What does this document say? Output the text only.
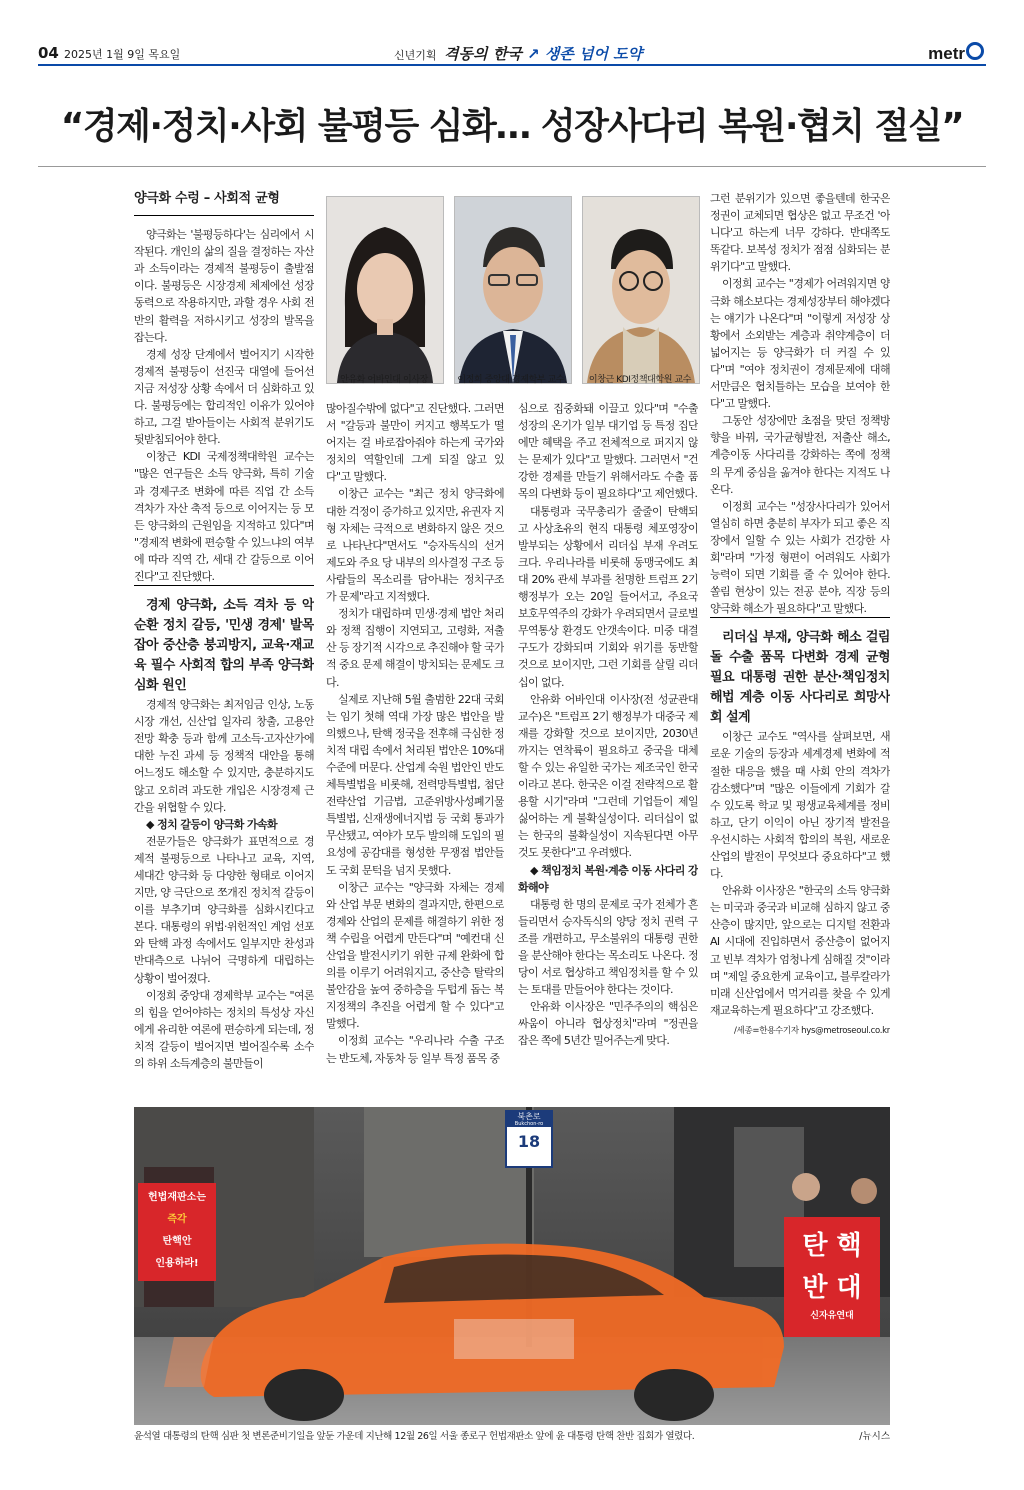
04 2025년 1월 9일 목요일	신년기획 격동의 한국 ↗ 생존 넘어 도약	metr
“경제·정치·사회 불평등 심화… 성장사다리 복원·협치 절실”
양극화 수렁 – 사회적 균형

양극화는 '불평등하다'는 심리에서 시작된다. 개인의 삶의 질을 결정하는 자산과 소득이라는 경제적 불평등이 출발점이다. 불평등은 시장경제 체제에선 성장 동력으로 작용하지만, 과할 경우 사회 전반의 활력을 저하시키고 성장의 발목을 잡는다.

경제 성장 단계에서 벌어지기 시작한 경제적 불평등이 선진국 대열에 들어선 지금 저성장 상황 속에서 더 심화하고 있다. 불평등에는 합리적인 이유가 있어야 하고, 그걸 받아들이는 사회적 분위기도 뒷받침되어야 한다.

이창근 KDI 국제정책대학원 교수는 "많은 연구들은 소득 양극화, 특히 기술과 경제구조 변화에 따른 직업 간 소득 격차가 자산 축적 등으로 이어지는 등 모든 양극화의 근원임을 지적하고 있다"며 "경제적 변화에 편승할 수 있느냐의 여부에 따라 직역 간, 세대 간 갈등으로 이어진다"고 진단했다.

경제 양극화, 소득 격차 등 악순환 정치 갈등, '민생 경제' 발목 잡아 중산층 붕괴방지, 교육·재교육 필수 사회적 합의 부족 양극화 심화 원인

경제적 양극화는 최저임금 인상, 노동시장 개선, 신산업 일자리 창출, 고용안전망 확충 등과 함께 고소득·고자산가에 대한 누진 과세 등 정책적 대안을 통해 어느정도 해소할 수 있지만, 충분하지도 않고 오히려 과도한 개입은 시장경제 근간을 위협할 수 있다.

◆ 정치 갈등이 양극화 가속화

전문가들은 양극화가 표면적으로 경제적 불평등으로 나타나고 교육, 지역, 세대간 양극화 등 다양한 형태로 이어지지만, 양 극단으로 쪼개진 정치적 갈등이 이를 부추기며 양극화를 심화시킨다고 본다. 대통령의 위법·위헌적인 계엄 선포와 탄핵 과정 속에서도 일부지만 찬성과 반대측으로 나뉘어 극명하게 대립하는 상황이 벌어졌다.

이정희 중앙대 경제학부 교수는 "여론의 힘을 얻어야하는 정치의 특성상 자신에게 유리한 여론에 편승하게 되는데, 정치적 갈등이 벌어지면 벌어질수록 소수의 하위 소득계층의 불만들이

안유화 어바인대 이사장	이정희 중앙대 경제학부 교수.	이창근 KDI정책대학원 교수

많아질수밖에 없다"고 진단했다. 그러면서 "갈등과 불만이 커지고 행복도가 떨어지는 걸 바로잡아줘야 하는게 국가와 정치의 역할인데 그게 되질 않고 있다"고 말했다.

이창근 교수는 "최근 정치 양극화에 대한 걱정이 증가하고 있지만, 유권자 지형 자체는 극적으로 변화하지 않은 것으로 나타난다"면서도 "승자독식의 선거제도와 주요 당 내부의 의사결정 구조 등 사람들의 목소리를 담아내는 정치구조가 문제"라고 지적했다.

정치가 대립하며 민생·경제 법안 처리와 정책 집행이 지연되고, 고령화, 저출산 등 장기적 시각으로 추진해야 할 국가적 중요 문제 해결이 방치되는 문제도 크다.

실제로 지난해 5월 출범한 22대 국회는 임기 첫해 역대 가장 많은 법안을 발의했으나, 탄핵 정국을 전후해 극심한 정치적 대립 속에서 처리된 법안은 10%대 수준에 머문다. 산업계 숙원 법안인 반도체특별법을 비롯해, 전력망특별법, 첨단전략산업 기금법, 고준위방사성폐기물특별법, 신재생에너지법 등 국회 통과가 무산됐고, 여야가 모두 발의해 도입의 필요성에 공감대를 형성한 무쟁점 법안들도 국회 문턱을 넘지 못했다.

이창근 교수는 "양극화 자체는 경제와 산업 부문 변화의 결과지만, 한편으로 경제와 산업의 문제를 해결하기 위한 정책 수립을 어렵게 만든다"며 "예컨대 신산업을 발전시키기 위한 규제 완화에 합의를 이루기 어려워지고, 중산층 탈락의 불안감을 높여 중하층을 두텁게 돕는 복지정책의 추진을 어렵게 할 수 있다"고 말했다.

이정희 교수는 "우리나라 수출 구조는 반도체, 자동차 등 일부 특정 품목 중

심으로 집중화돼 이끌고 있다"며 "수출 성장의 온기가 일부 대기업 등 특정 집단에만 혜택을 주고 전체적으로 퍼지지 않는 문제가 있다"고 말했다. 그러면서 "건강한 경제를 만들기 위해서라도 수출 품목의 다변화 등이 필요하다"고 제언했다.

대통령과 국무총리가 줄줄이 탄핵되고 사상초유의 현직 대통령 체포영장이 발부되는 상황에서 리더십 부재 우려도 크다. 우리나라를 비롯해 동맹국에도 최대 20% 관세 부과를 천명한 트럼프 2기 행정부가 오는 20일 들어서고, 주요국 보호무역주의 강화가 우려되면서 글로벌 무역통상 환경도 안갯속이다. 미중 대결구도가 강화되며 기회와 위기를 동반할 것으로 보이지만, 그런 기회를 살릴 리더십이 없다.

안유화 어바인대 이사장(전 성균관대 교수)은 "트럼프 2기 행정부가 대중국 제재를 강화할 것으로 보이지만, 2030년까지는 연착륙이 필요하고 중국을 대체할 수 있는 유일한 국가는 제조국인 한국이라고 본다. 한국은 이걸 전략적으로 활용할 시기"라며 "그런데 기업들이 제일 싫어하는 게 불확실성이다. 리더십이 없는 한국의 불확실성이 지속된다면 아무것도 못한다"고 우려했다.

◆ 책임정치 복원·계층 이동 사다리 강화해야

대통령 한 명의 문제로 국가 전체가 흔들리면서 승자독식의 양당 정치 권력 구조를 개편하고, 무소불위의 대통령 권한을 분산해야 한다는 목소리도 나온다. 정당이 서로 협상하고 책임정치를 할 수 있는 토대를 만들어야 한다는 것이다.

안유화 이사장은 "민주주의의 핵심은 싸움이 아니라 협상정치"라며 "정권을 잡은 쪽에 5년간 밀어주는게 맞다.

그런 분위기가 있으면 좋을텐데 한국은 정권이 교체되면 협상은 없고 무조건 '아니다'고 하는게 너무 강하다. 반대쪽도 똑같다. 보복성 정치가 점점 심화되는 분위기다"고 말했다.

이정희 교수는 "경제가 어려워지면 양극화 해소보다는 경제성장부터 해야겠다는 얘기가 나온다"며 "이렇게 저성장 상황에서 소외받는 계층과 취약계층이 더 넓어지는 등 양극화가 더 커질 수 있다"며 "여야 정치권이 경제문제에 대해서만큼은 협치틀하는 모습을 보여야 한다"고 말했다.

그동안 성장에만 초점을 맞던 정책방향을 바꿔, 국가균형발전, 저출산 해소, 계층이동 사다리를 강화하는 쪽에 정책의 무게 중심을 옮겨야 한다는 지적도 나온다.

이정희 교수는 "성장사다리가 있어서 열심히 하면 충분히 부자가 되고 좋은 직장에서 일할 수 있는 사회가 건강한 사회"라며 "가정 형편이 어려워도 사회가 능력이 되면 기회를 줄 수 있어야 한다. 쏠림 현상이 있는 전공 분야, 직장 등의 양극화 해소가 필요하다"고 말했다.

리더십 부재, 양극화 해소 걸림돌 수출 품목 다변화 경제 균형 필요 대통령 권한 분산·책임정치 해법 계층 이동 사다리로 희망사회 설계

이창근 교수도 "역사를 살펴보면, 새로운 기술의 등장과 세계경제 변화에 적절한 대응을 했을 때 사회 안의 격차가 감소했다"며 "많은 이들에게 기회가 갈 수 있도록 학교 및 평생교육체계를 정비하고, 단기 이익이 아닌 장기적 발전을 우선시하는 사회적 합의의 복원, 새로운 산업의 발전이 무엇보다 중요하다"고 했다.

안유화 이사장은 "한국의 소득 양극화는 미국과 중국과 비교해 심하지 않고 중산층이 많지만, 앞으로는 디지털 전환과 AI 시대에 진입하면서 중산층이 없어지고 빈부 격차가 엄청나게 심해질 것"이라며 "제일 중요한게 교육이고, 블루칼라가 미래 신산업에서 먹거리를 찾을 수 있게 재교육하는게 필요하다"고 강조했다.

/세종=한용수기자 hys@metroseoul.co.kr
북촌로
Bukchon-ro
18
헌법재판소는
즉각
탄핵안
인용하라!
탄 핵
반 대
신자유연대
윤석열 대통령의 탄핵 심판 첫 변론준비기일을 앞둔 가운데 지난해 12월 26일 서울 종로구 헌법재판소 앞에 윤 대통령 탄핵 찬반 집회가 열렸다.	/뉴시스
